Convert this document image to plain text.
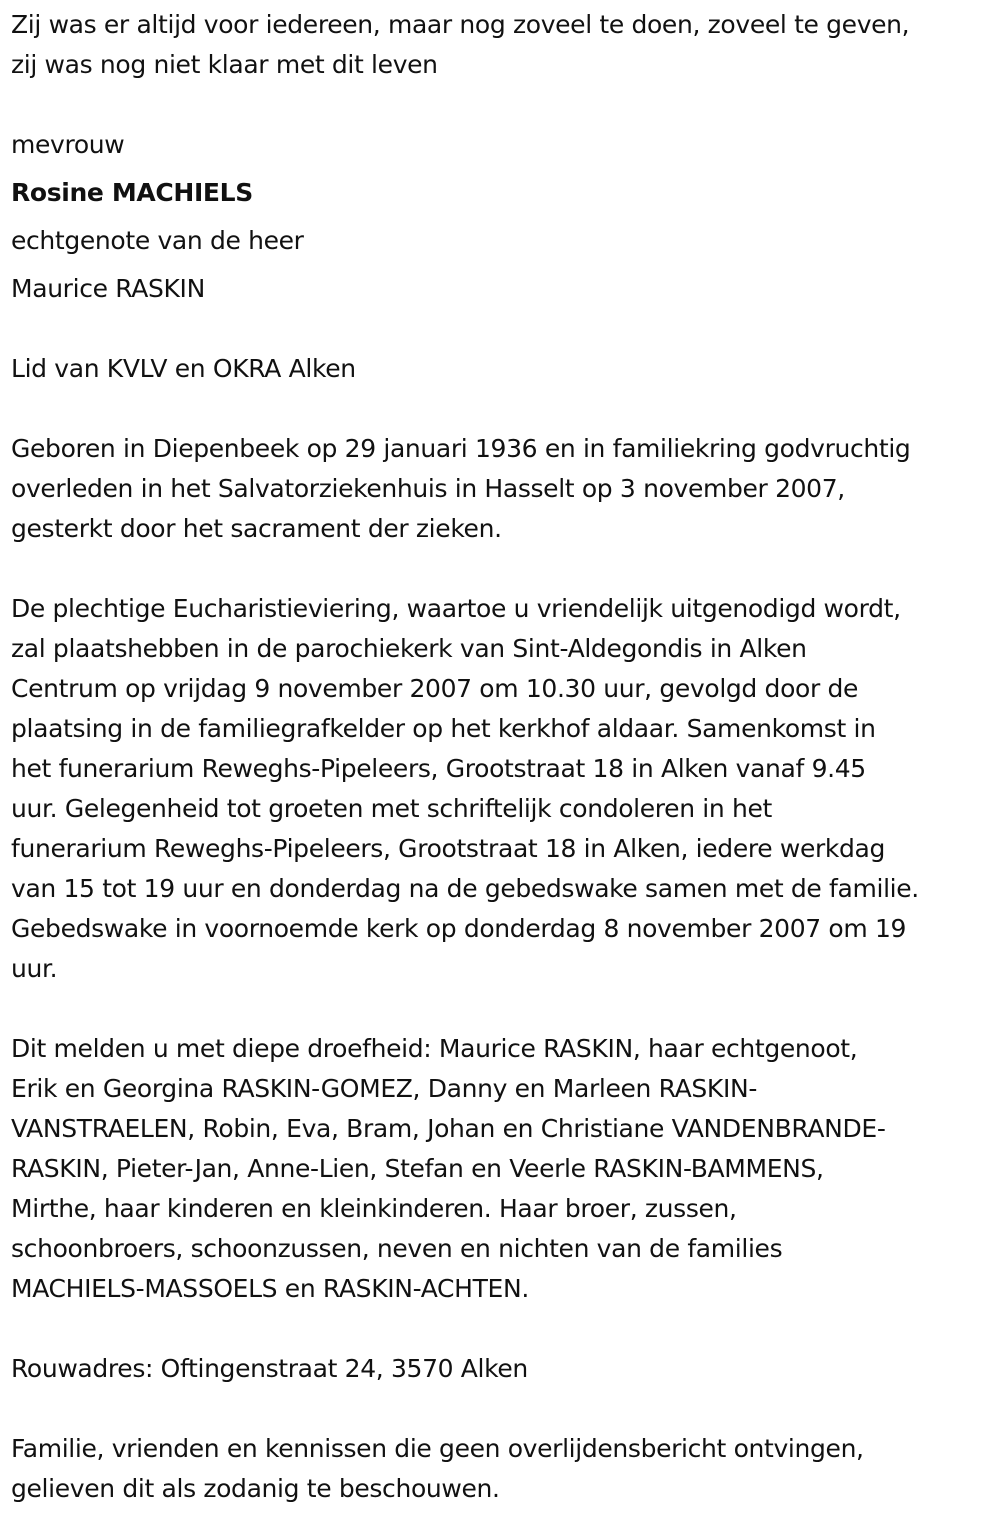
Zij was er altijd voor iedereen, maar nog zoveel te doen, zoveel te geven,

zij was nog niet klaar met dit leven

mevrouw

Rosine MACHIELS

echtgenote van de heer

Maurice RASKIN

Lid van KVLV en OKRA Alken

Geboren in Diepenbeek op 29 januari 1936 en in familiekring godvruchtig

overleden in het Salvatorziekenhuis in Hasselt op 3 november 2007,

gesterkt door het sacrament der zieken.

De plechtige Eucharistieviering, waartoe u vriendelijk uitgenodigd wordt,

zal plaatshebben in de parochiekerk van Sint-Aldegondis in Alken

Centrum op vrijdag 9 november 2007 om 10.30 uur, gevolgd door de

plaatsing in de familiegrafkelder op het kerkhof aldaar. Samenkomst in

het funerarium Reweghs-Pipeleers, Grootstraat 18 in Alken vanaf 9.45

uur. Gelegenheid tot groeten met schriftelijk condoleren in het

funerarium Reweghs-Pipeleers, Grootstraat 18 in Alken, iedere werkdag

van 15 tot 19 uur en donderdag na de gebedswake samen met de familie.

Gebedswake in voornoemde kerk op donderdag 8 november 2007 om 19

uur.

Dit melden u met diepe droefheid: Maurice RASKIN, haar echtgenoot,

Erik en Georgina RASKIN-GOMEZ, Danny en Marleen RASKIN-

VANSTRAELEN, Robin, Eva, Bram, Johan en Christiane VANDENBRANDE-

RASKIN, Pieter-Jan, Anne-Lien, Stefan en Veerle RASKIN-BAMMENS,

Mirthe, haar kinderen en kleinkinderen. Haar broer, zussen,

schoonbroers, schoonzussen, neven en nichten van de families

MACHIELS-MASSOELS en RASKIN-ACHTEN.

Rouwadres: Oftingenstraat 24, 3570 Alken

Familie, vrienden en kennissen die geen overlijdensbericht ontvingen,

gelieven dit als zodanig te beschouwen.
